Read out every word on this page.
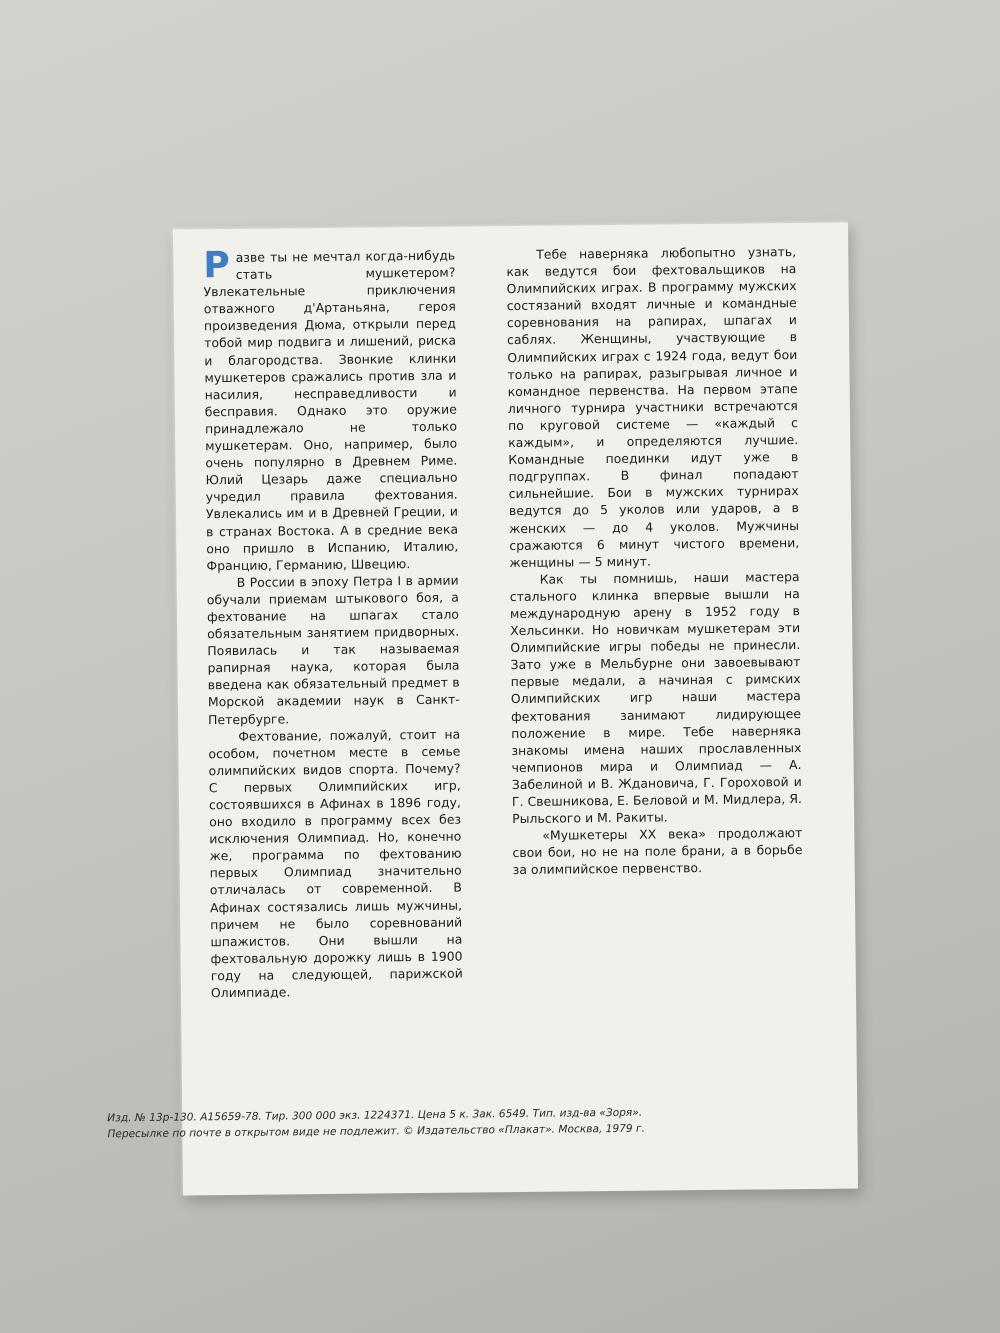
Разве ты не мечтал когда-нибудь стать мушкетером? Увлекательные приключения отважного д'Артаньяна, героя произведения Дюма, открыли перед тобой мир подвига и лишений, риска и благородства. Звонкие клинки мушкетеров сражались против зла и насилия, несправедливости и бесправия. Однако это оружие принадлежало не только мушкетерам. Оно, например, было очень популярно в Древнем Риме. Юлий Цезарь даже специально учредил правила фехтования. Увлекались им и в Древней Греции, и в странах Востока. А в средние века оно пришло в Испанию, Италию, Францию, Германию, Швецию.

В России в эпоху Петра I в армии обучали приемам штыкового боя, а фехтование на шпагах стало обязательным занятием придворных. Появилась и так называемая рапирная наука, которая была введена как обязательный предмет в Морской академии наук в Санкт-Петербурге.

Фехтование, пожалуй, стоит на особом, почетном месте в семье олимпийских видов спорта. Почему? С первых Олимпийских игр, состоявшихся в Афинах в 1896 году, оно входило в программу всех без исключения Олимпиад. Но, конечно же, программа по фехтованию первых Олимпиад значительно отличалась от современной. В Афинах состязались лишь мужчины, причем не было соревнований шпажистов. Они вышли на фехтовальную дорожку лишь в 1900 году на следующей, парижской Олимпиаде.

Тебе наверняка любопытно узнать, как ведутся бои фехтовальщиков на Олимпийских играх. В программу мужских состязаний входят личные и командные соревнования на рапирах, шпагах и саблях. Женщины, участвующие в Олимпийских играх с 1924 года, ведут бои только на рапирах, разыгрывая личное и командное первенства. На первом этапе личного турнира участники встречаются по круговой системе — «каждый с каждым», и определяются лучшие. Командные поединки идут уже в подгруппах. В финал попадают сильнейшие. Бои в мужских турнирах ведутся до 5 уколов или ударов, а в женских — до 4 уколов. Мужчины сражаются 6 минут чистого времени, женщины — 5 минут.

Как ты помнишь, наши мастера стального клинка впервые вышли на международную арену в 1952 году в Хельсинки. Но новичкам мушкетерам эти Олимпийские игры победы не принесли. Зато уже в Мельбурне они завоевывают первые медали, а начиная с римских Олимпийских игр наши мастера фехтования занимают лидирующее положение в мире. Тебе наверняка знакомы имена наших прославленных чемпионов мира и Олимпиад — А. Забелиной и В. Ждановича, Г. Гороховой и Г. Свешникова, Е. Беловой и М. Мидлера, Я. Рыльского и М. Ракиты.

«Мушкетеры XX века» продолжают свои бои, но не на поле брани, а в борьбе за олимпийское первенство.

Изд. № 13р-130. А15659-78. Тир. 300 000 экз. 1224371. Цена 5 к. Зак. 6549. Тип. изд-ва «Зоря».
Пересылке по почте в открытом виде не подлежит. © Издательство «Плакат». Москва, 1979 г.
